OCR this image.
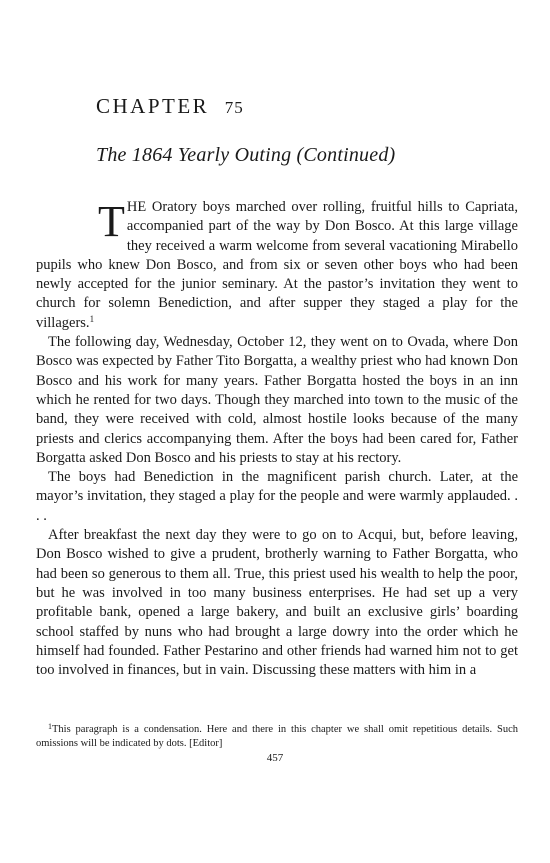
CHAPTER 75
The 1864 Yearly Outing (Continued)

THE Oratory boys marched over rolling, fruitful hills to Capriata, accompanied part of the way by Don Bosco. At this large village they received a warm welcome from several vacationing Mirabello pupils who knew Don Bosco, and from six or seven other boys who had been newly accepted for the junior seminary. At the pastor’s invitation they went to church for solemn Benediction, and after supper they staged a play for the villagers.$^1$

The following day, Wednesday, October 12, they went on to Ovada, where Don Bosco was expected by Father Tito Borgatta, a wealthy priest who had known Don Bosco and his work for many years. Father Borgatta hosted the boys in an inn which he rented for two days. Though they marched into town to the music of the band, they were received with cold, almost hostile looks because of the many priests and clerics accompanying them. After the boys had been cared for, Father Borgatta asked Don Bosco and his priests to stay at his rectory.

The boys had Benediction in the magnificent parish church. Later, at the mayor’s invitation, they staged a play for the people and were warmly applauded. . . .

After breakfast the next day they were to go on to Acqui, but, before leaving, Don Bosco wished to give a prudent, brotherly warning to Father Borgatta, who had been so generous to them all. True, this priest used his wealth to help the poor, but he was involved in too many business enterprises. He had set up a very profitable bank, opened a large bakery, and built an exclusive girls’ boarding school staffed by nuns who had brought a large dowry into the order which he himself had founded. Father Pestarino and other friends had warned him not to get too involved in finances, but in vain. Discussing these matters with him in a

$^1$This paragraph is a condensation. Here and there in this chapter we shall omit repetitious details. Such omissions will be indicated by dots. [Editor]

457
